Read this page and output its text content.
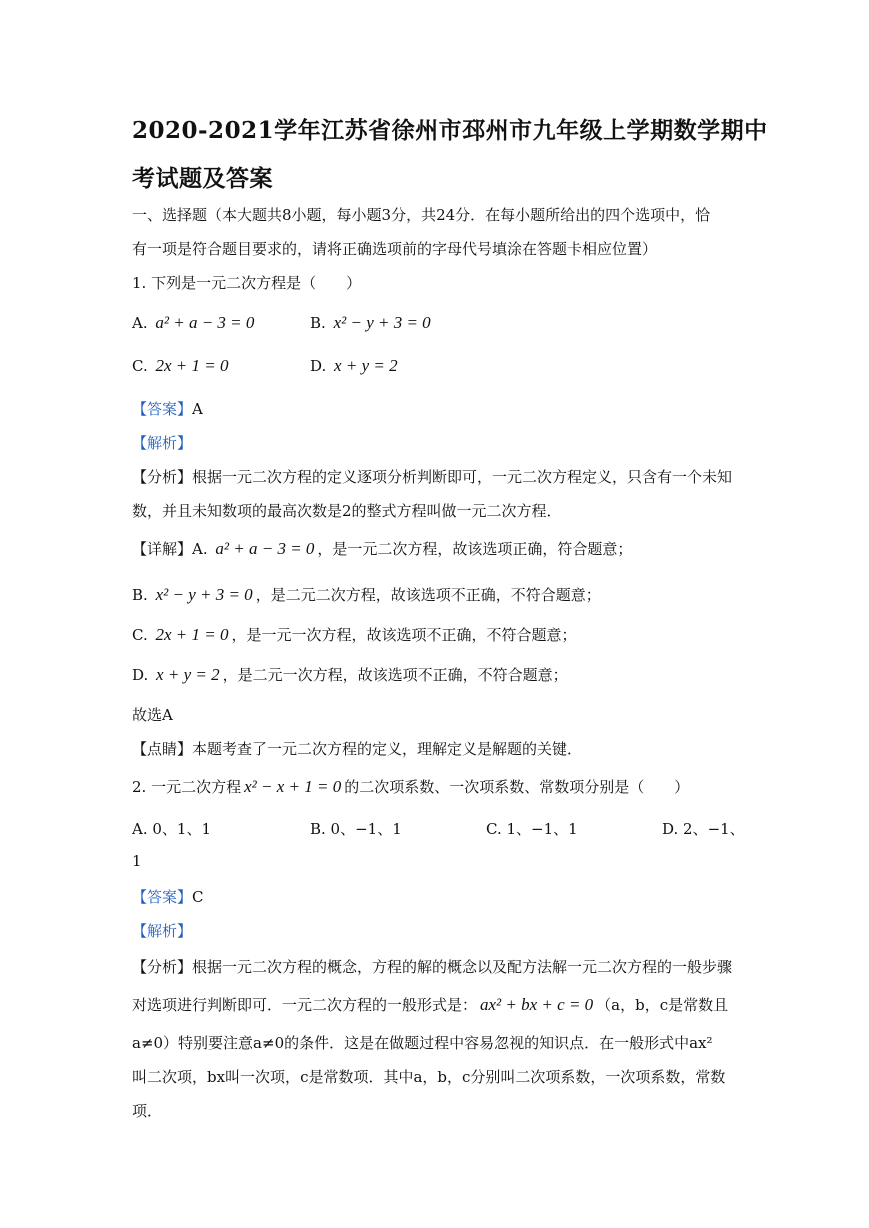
2020-2021学年江苏省徐州市邳州市九年级上学期数学期中
考试题及答案
一、选择题（本大题共8小题，每小题3分，共24分．在每小题所给出的四个选项中，恰
有一项是符合题目要求的，请将正确选项前的字母代号填涂在答题卡相应位置）
1. 下列是一元二次方程是（　　）
A. a² + a − 3 = 0	B. x² − y + 3 = 0
C. 2x + 1 = 0	D. x + y = 2
【答案】A
【解析】
【分析】根据一元二次方程的定义逐项分析判断即可，一元二次方程定义，只含有一个未知
数，并且未知数项的最高次数是2的整式方程叫做一元二次方程．
【详解】A. a² + a − 3 = 0 ，是一元二次方程，故该选项正确，符合题意；
B. x² − y + 3 = 0 ，是二元二次方程，故该选项不正确，不符合题意；
C. 2x + 1 = 0 ，是一元一次方程，故该选项不正确，不符合题意；
D. x + y = 2 ，是二元一次方程，故该选项不正确，不符合题意；
故选A
【点睛】本题考查了一元二次方程的定义，理解定义是解题的关键．
2. 一元二次方程 x² − x + 1 = 0 的二次项系数、一次项系数、常数项分别是（　　）
A. 0、1、1	B. 0、−1、1	C. 1、−1、1	D. 2、−1、
1
【答案】C
【解析】
【分析】根据一元二次方程的概念，方程的解的概念以及配方法解一元二次方程的一般步骤
对选项进行判断即可．一元二次方程的一般形式是： ax² + bx + c = 0 （a，b，c是常数且
a≠0）特别要注意a≠0的条件．这是在做题过程中容易忽视的知识点．在一般形式中ax²
叫二次项，bx叫一次项，c是常数项．其中a，b，c分别叫二次项系数，一次项系数，常数
项．
